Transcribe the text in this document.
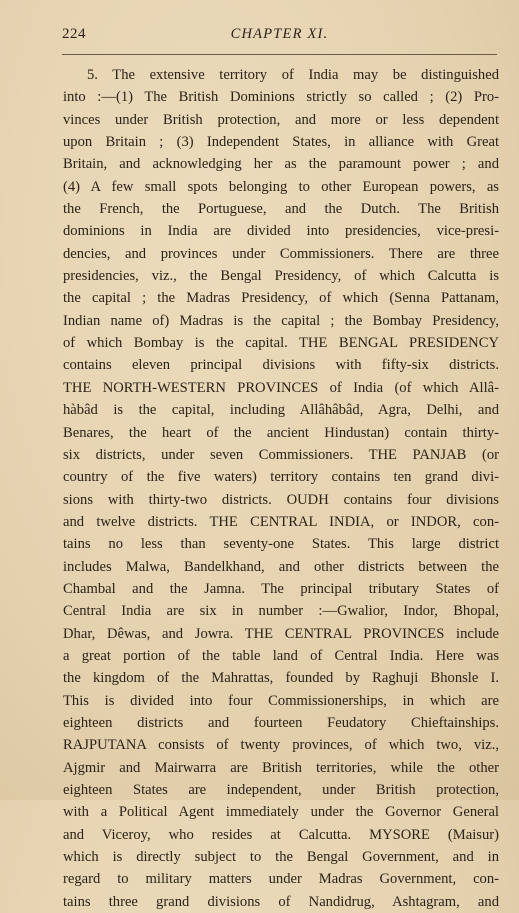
224	CHAPTER XI.
5. The extensive territory of India may be distinguished
into :—(1) The British Dominions strictly so called ; (2) Pro-
vinces under British protection, and more or less dependent
upon Britain ; (3) Independent States, in alliance with Great
Britain, and acknowledging her as the paramount power ; and
(4) A few small spots belonging to other European powers, as
the French, the Portuguese, and the Dutch. The British
dominions in India are divided into presidencies, vice-presi-
dencies, and provinces under Commissioners. There are three
presidencies, viz., the Bengal Presidency, of which Calcutta is
the capital ; the Madras Presidency, of which (Senna Pattanam,
Indian name of) Madras is the capital ; the Bombay Presidency,
of which Bombay is the capital. THE BENGAL PRESIDENCY
contains eleven principal divisions with fifty-six districts.
THE NORTH-WESTERN PROVINCES of India (of which Allâ-
hàbâd is the capital, including Allâhâbâd, Agra, Delhi, and
Benares, the heart of the ancient Hindustan) contain thirty-
six districts, under seven Commissioners. THE PANJAB (or
country of the five waters) territory contains ten grand divi-
sions with thirty-two districts. OUDH contains four divisions
and twelve districts. THE CENTRAL INDIA, or INDOR, con-
tains no less than seventy-one States. This large district
includes Malwa, Bandelkhand, and other districts between the
Chambal and the Jamna. The principal tributary States of
Central India are six in number :—Gwalior, Indor, Bhopal,
Dhar, Dêwas, and Jowra. THE CENTRAL PROVINCES include
a great portion of the table land of Central India. Here was
the kingdom of the Mahrattas, founded by Raghuji Bhonsle I.
This is divided into four Commissionerships, in which are
eighteen districts and fourteen Feudatory Chieftainships.
RAJPUTANA consists of twenty provinces, of which two, viz.,
Ajgmir and Mairwarra are British territories, while the other
eighteen States are independent, under British protection,
with a Political Agent immediately under the Governor General
and Viceroy, who resides at Calcutta. MYSORE (Maisur)
which is directly subject to the Bengal Government, and in
regard to military matters under Madras Government, con-
tains three grand divisions of Nandidrug, Ashtagram, and
